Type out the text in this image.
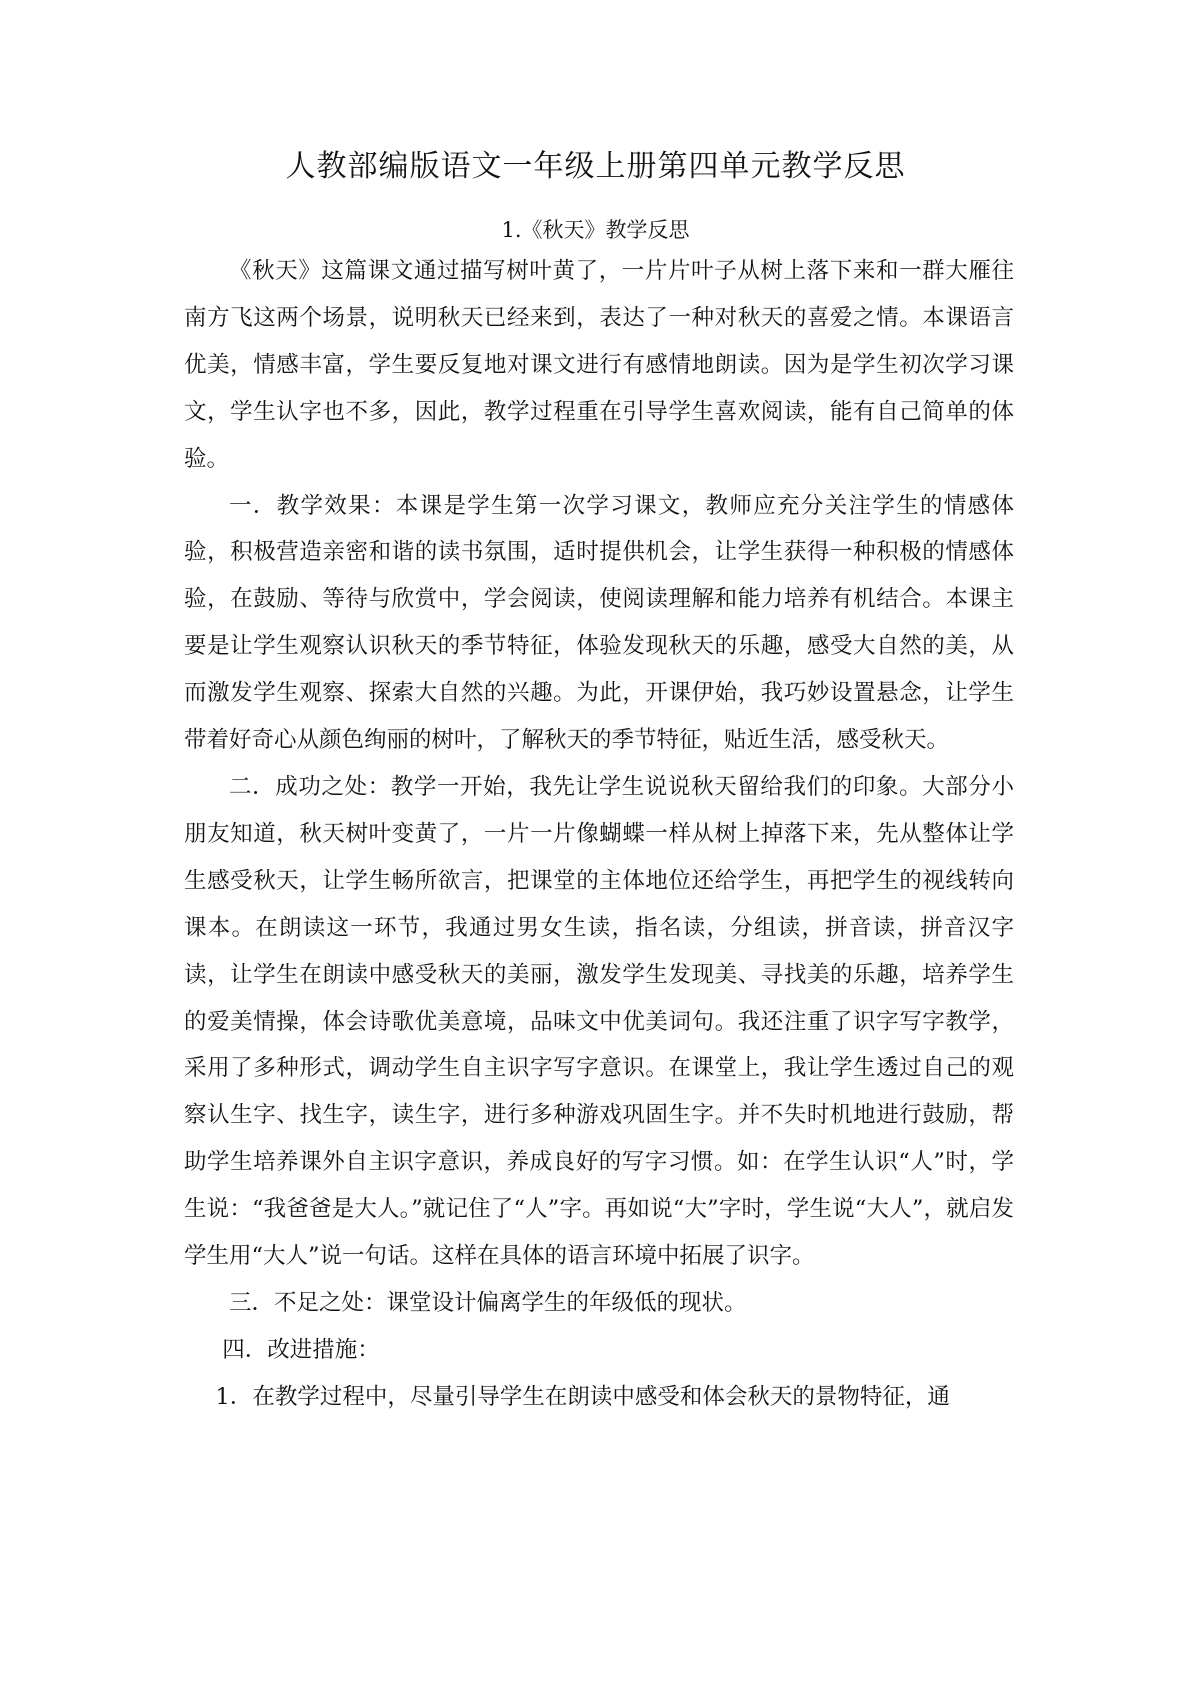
人教部编版语文一年级上册第四单元教学反思
1.《秋天》教学反思

《秋天》这篇课文通过描写树叶黄了，一片片叶子从树上落下来和一群大雁往南方飞这两个场景，说明秋天已经来到，表达了一种对秋天的喜爱之情。本课语言优美，情感丰富，学生要反复地对课文进行有感情地朗读。因为是学生初次学习课文，学生认字也不多，因此，教学过程重在引导学生喜欢阅读，能有自己简单的体验。

一．教学效果：本课是学生第一次学习课文，教师应充分关注学生的情感体验，积极营造亲密和谐的读书氛围，适时提供机会，让学生获得一种积极的情感体验，在鼓励、等待与欣赏中，学会阅读，使阅读理解和能力培养有机结合。本课主要是让学生观察认识秋天的季节特征，体验发现秋天的乐趣，感受大自然的美，从而激发学生观察、探索大自然的兴趣。为此，开课伊始，我巧妙设置悬念，让学生带着好奇心从颜色绚丽的树叶，了解秋天的季节特征，贴近生活，感受秋天。

二．成功之处：教学一开始，我先让学生说说秋天留给我们的印象。大部分小朋友知道，秋天树叶变黄了，一片一片像蝴蝶一样从树上掉落下来，先从整体让学生感受秋天，让学生畅所欲言，把课堂的主体地位还给学生，再把学生的视线转向课本。在朗读这一环节，我通过男女生读，指名读，分组读，拼音读，拼音汉字读，让学生在朗读中感受秋天的美丽，激发学生发现美、寻找美的乐趣，培养学生的爱美情操，体会诗歌优美意境，品味文中优美词句。我还注重了识字写字教学，采用了多种形式，调动学生自主识字写字意识。在课堂上，我让学生透过自己的观察认生字、找生字，读生字，进行多种游戏巩固生字。并不失时机地进行鼓励，帮助学生培养课外自主识字意识，养成良好的写字习惯。如：在学生认识“人”时，学生说：“我爸爸是大人。”就记住了“人”字。再如说“大”字时，学生说“大人”，就启发学生用“大人”说一句话。这样在具体的语言环境中拓展了识字。

三．不足之处：课堂设计偏离学生的年级低的现状。

四．改进措施：

1．在教学过程中，尽量引导学生在朗读中感受和体会秋天的景物特征，通
